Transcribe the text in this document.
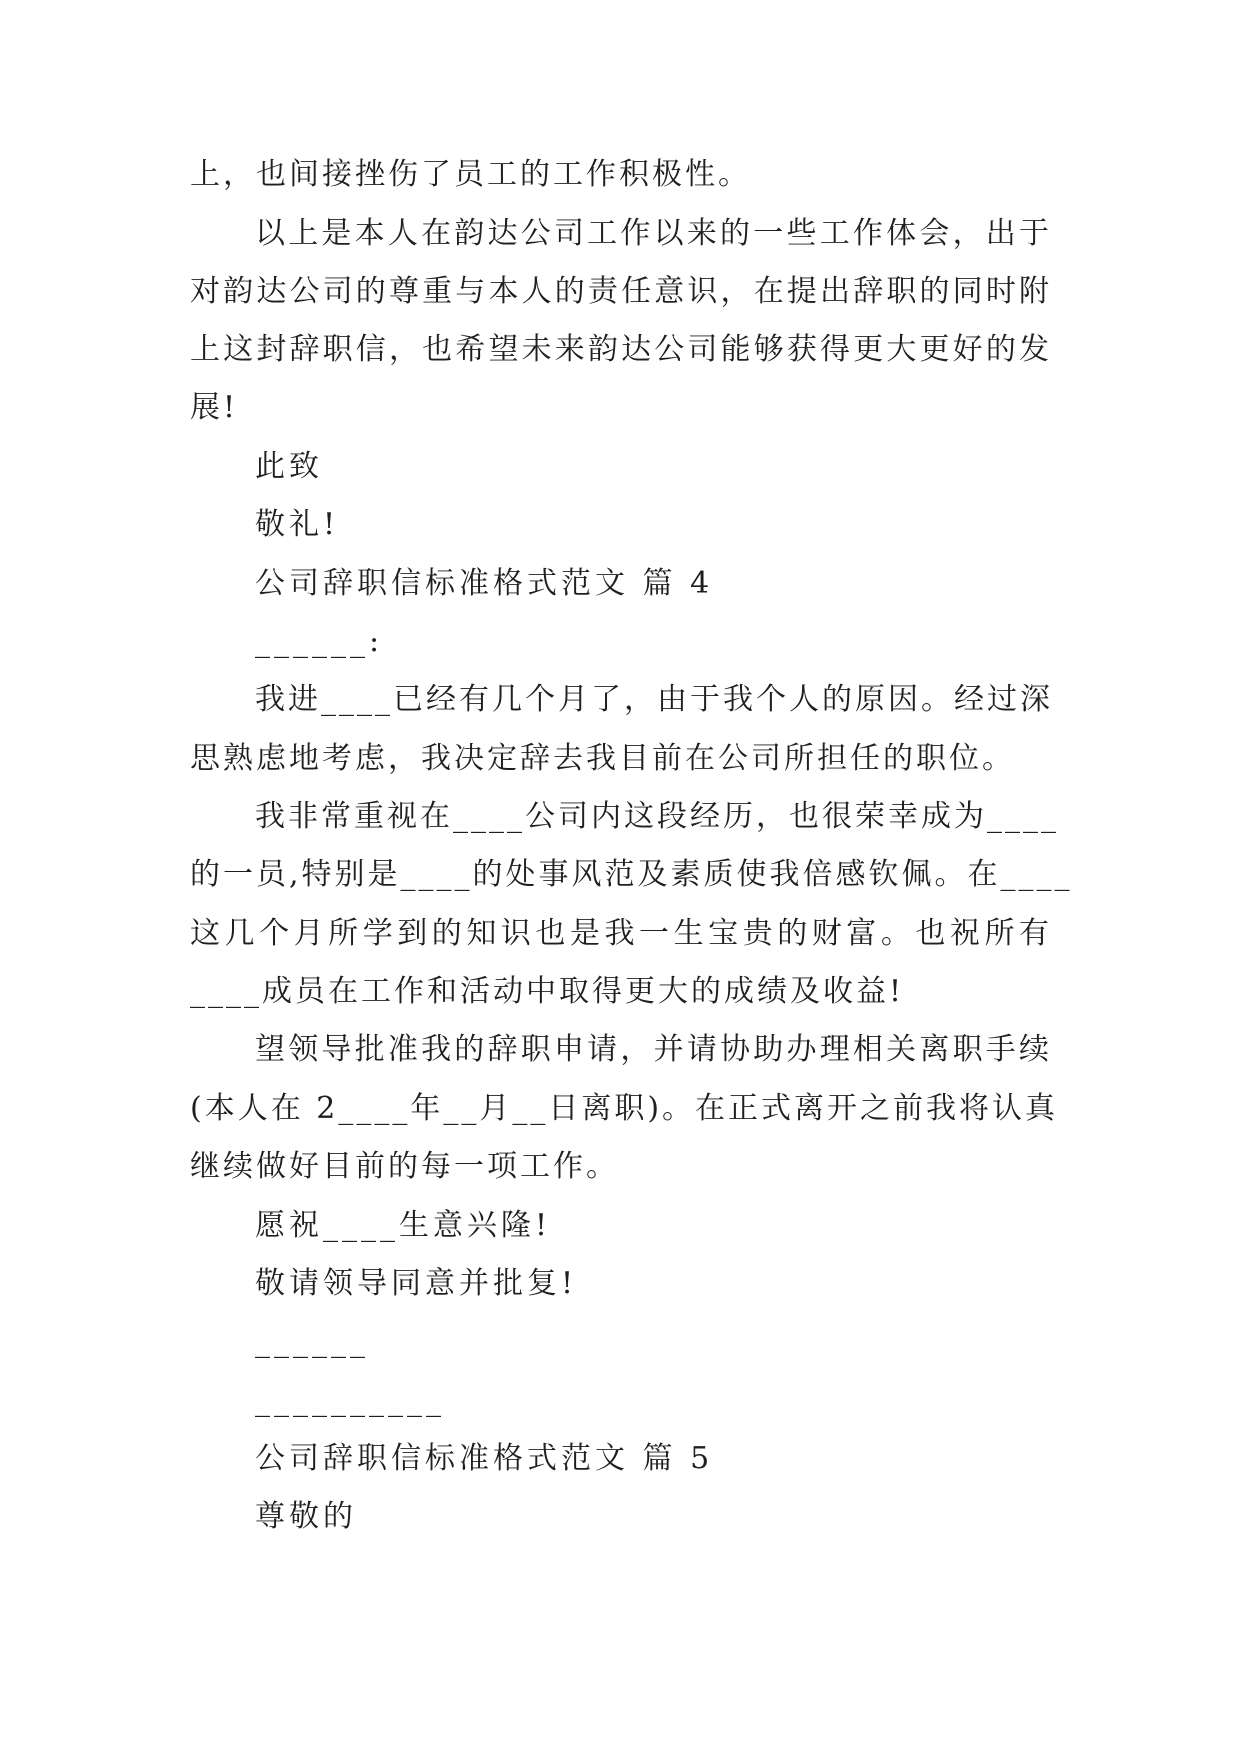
上，也间接挫伤了员工的工作积极性。
以上是本人在韵达公司工作以来的一些工作体会，出于
对韵达公司的尊重与本人的责任意识，在提出辞职的同时附
上这封辞职信，也希望未来韵达公司能够获得更大更好的发
展!
此致
敬礼!
公司辞职信标准格式范文 篇 4
______:
我进____已经有几个月了，由于我个人的原因。经过深
思熟虑地考虑，我决定辞去我目前在公司所担任的职位。
我非常重视在____公司内这段经历，也很荣幸成为____
的一员,特别是____的处事风范及素质使我倍感钦佩。在____
这几个月所学到的知识也是我一生宝贵的财富。也祝所有
____成员在工作和活动中取得更大的成绩及收益!
望领导批准我的辞职申请，并请协助办理相关离职手续
(本人在 2____年__月__日离职)。在正式离开之前我将认真
继续做好目前的每一项工作。
愿祝____生意兴隆!
敬请领导同意并批复!
______
__________
公司辞职信标准格式范文 篇 5
尊敬的
